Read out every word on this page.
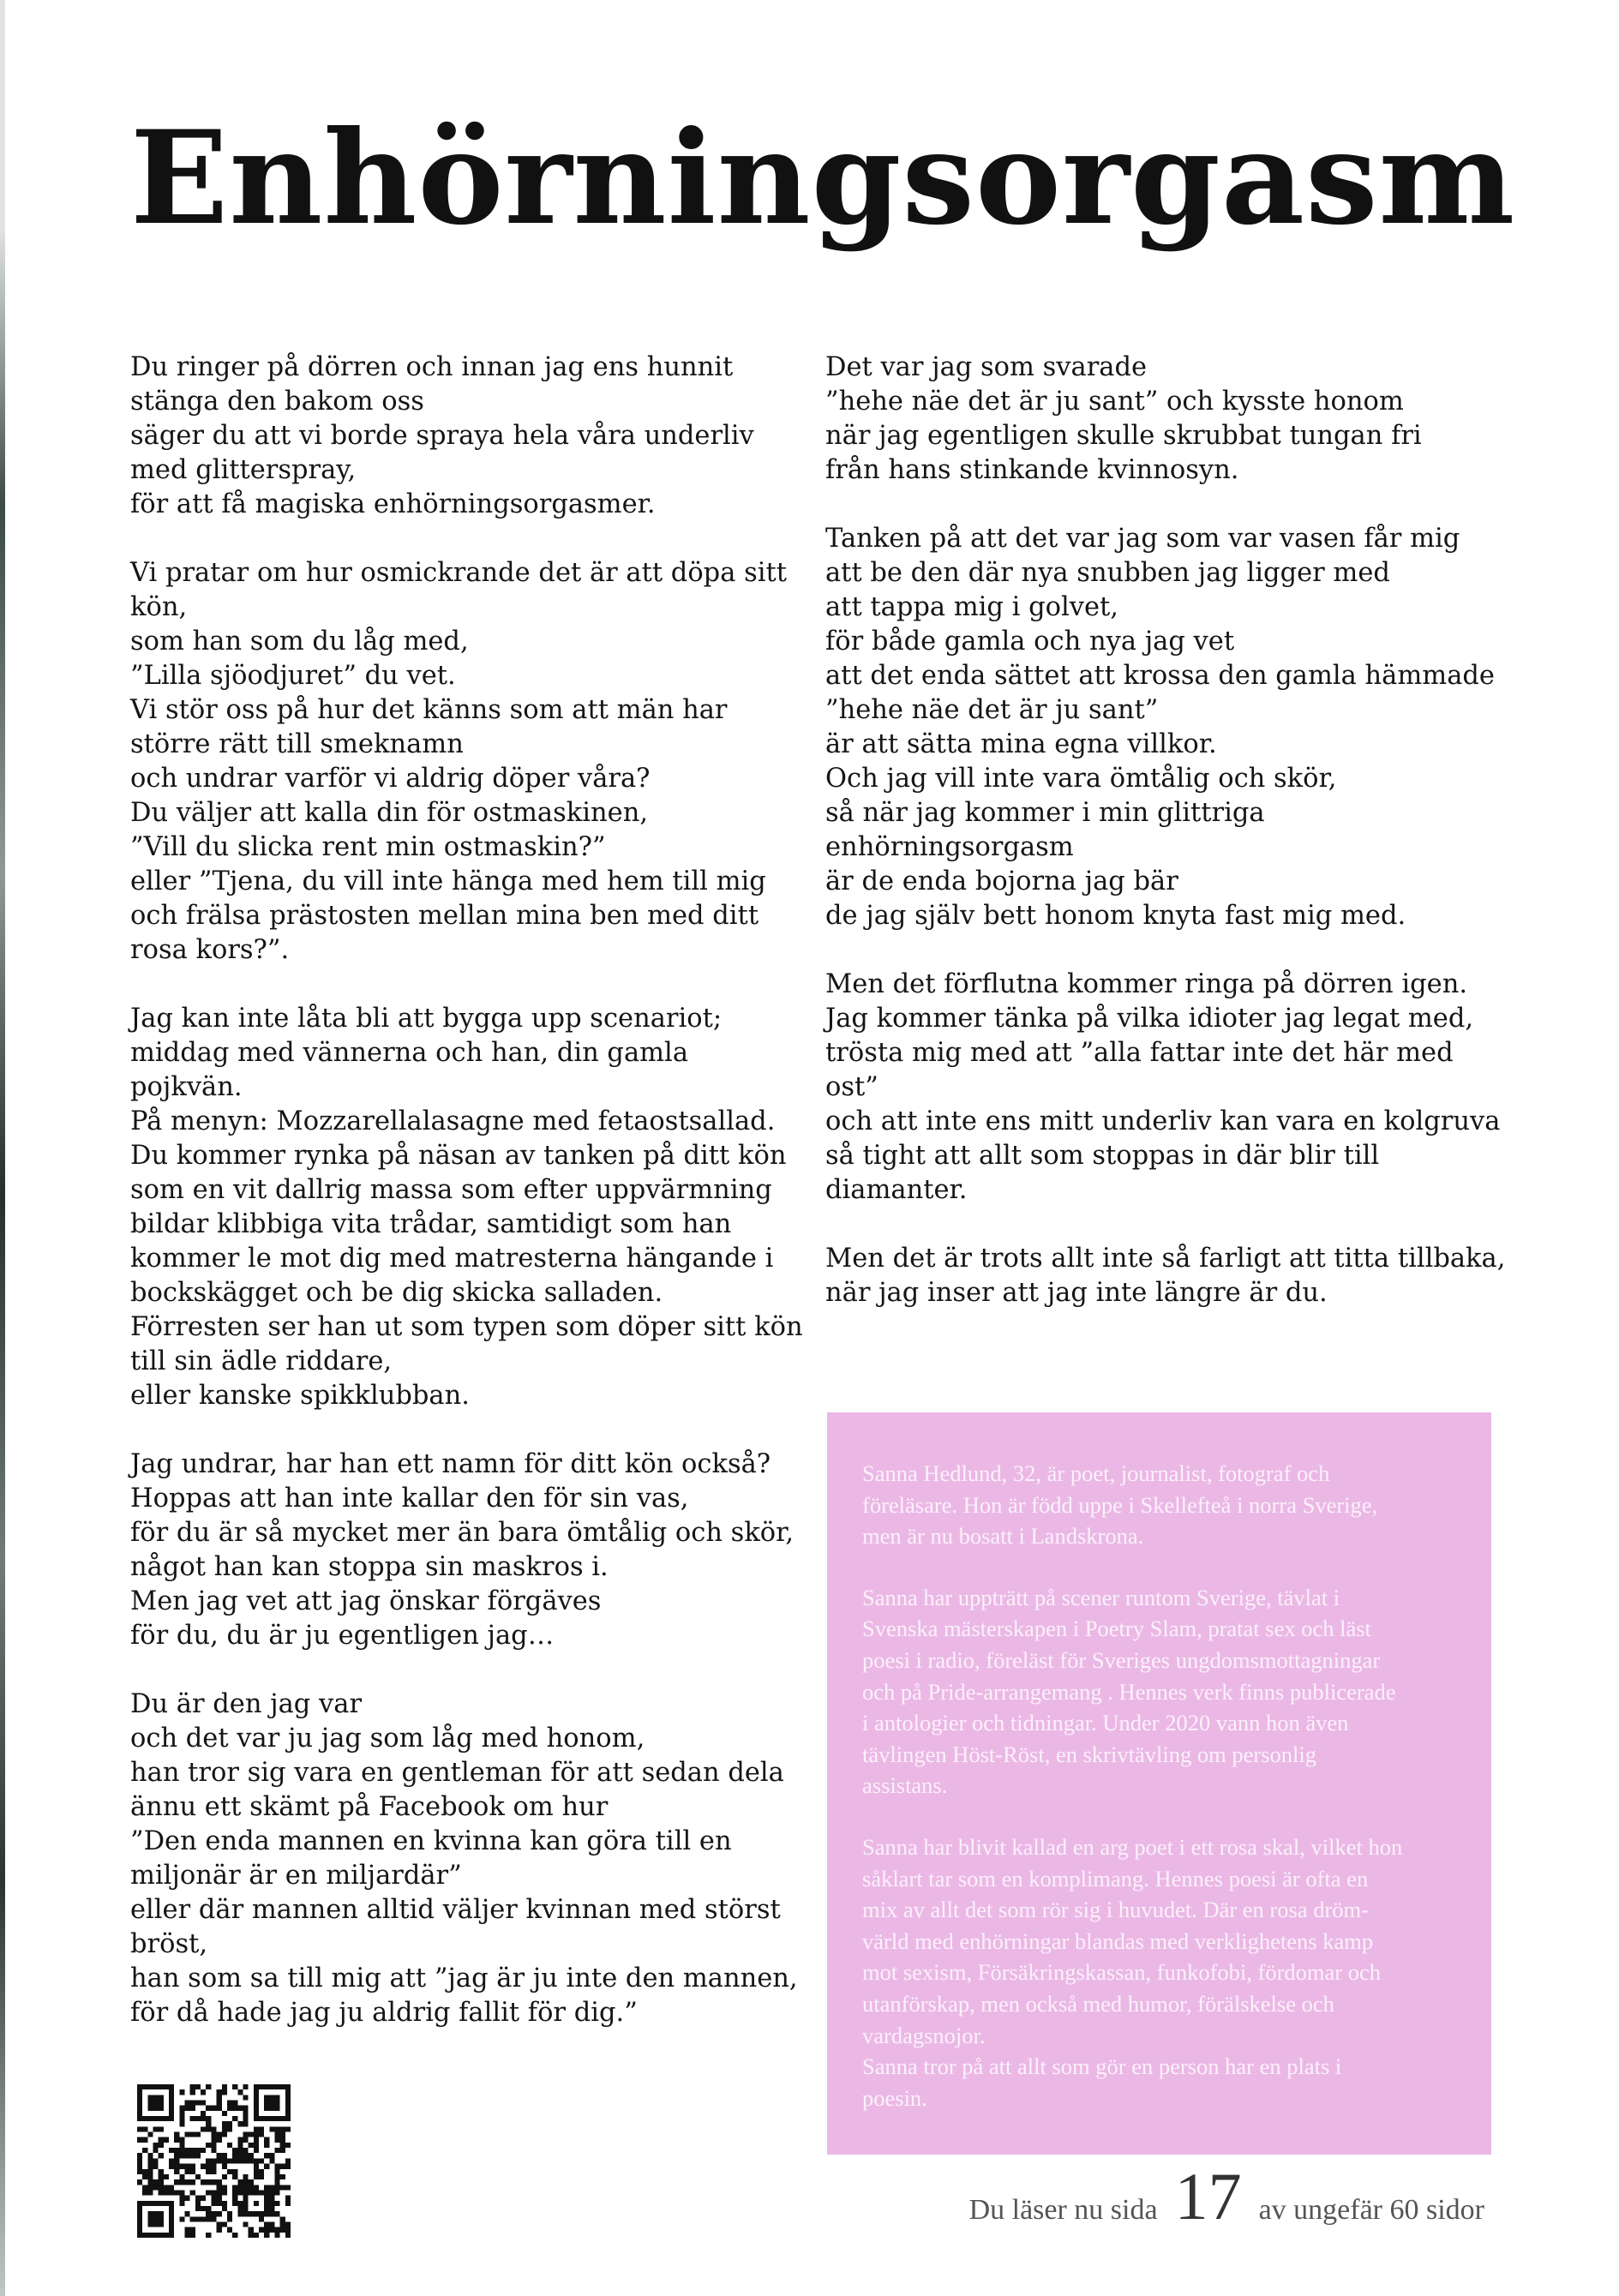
Enhörningsorgasm
Du ringer på dörren och innan jag ens hunnit
stänga den bakom oss
säger du att vi borde spraya hela våra underliv
med glitterspray,
för att få magiska enhörningsorgasmer.

Vi pratar om hur osmickrande det är att döpa sitt
kön,
som han som du låg med,
”Lilla sjöodjuret” du vet.
Vi stör oss på hur det känns som att män har
större rätt till smeknamn
och undrar varför vi aldrig döper våra?
Du väljer att kalla din för ostmaskinen,
”Vill du slicka rent min ostmaskin?”
eller ”Tjena, du vill inte hänga med hem till mig
och frälsa prästosten mellan mina ben med ditt
rosa kors?”.

Jag kan inte låta bli att bygga upp scenariot;
middag med vännerna och han, din gamla
pojkvän.
På menyn: Mozzarellalasagne med fetaostsallad.
Du kommer rynka på näsan av tanken på ditt kön
som en vit dallrig massa som efter uppvärmning
bildar klibbiga vita trådar, samtidigt som han
kommer le mot dig med matresterna hängande i
bockskägget och be dig skicka salladen.
Förresten ser han ut som typen som döper sitt kön
till sin ädle riddare,
eller kanske spikklubban.

Jag undrar, har han ett namn för ditt kön också?
Hoppas att han inte kallar den för sin vas,
för du är så mycket mer än bara ömtålig och skör,
något han kan stoppa sin maskros i.
Men jag vet att jag önskar förgäves
för du, du är ju egentligen jag…

Du är den jag var
och det var ju jag som låg med honom,
han tror sig vara en gentleman för att sedan dela
ännu ett skämt på Facebook om hur
”Den enda mannen en kvinna kan göra till en
miljonär är en miljardär”
eller där mannen alltid väljer kvinnan med störst
bröst,
han som sa till mig att ”jag är ju inte den mannen,
för då hade jag ju aldrig fallit för dig.”
Det var jag som svarade
”hehe näe det är ju sant” och kysste honom
när jag egentligen skulle skrubbat tungan fri
från hans stinkande kvinnosyn.

Tanken på att det var jag som var vasen får mig
att be den där nya snubben jag ligger med
att tappa mig i golvet,
för både gamla och nya jag vet
att det enda sättet att krossa den gamla hämmade
”hehe näe det är ju sant”
är att sätta mina egna villkor.
Och jag vill inte vara ömtålig och skör,
så när jag kommer i min glittriga
enhörningsorgasm
är de enda bojorna jag bär
de jag själv bett honom knyta fast mig med.

Men det förflutna kommer ringa på dörren igen.
Jag kommer tänka på vilka idioter jag legat med,
trösta mig med att ”alla fattar inte det här med
ost”
och att inte ens mitt underliv kan vara en kolgruva
så tight att allt som stoppas in där blir till
diamanter.

Men det är trots allt inte så farligt att titta tillbaka,
när jag inser att jag inte längre är du.

Sanna Hedlund, 32, är poet, journalist, fotograf och
föreläsare. Hon är född uppe i Skellefteå i norra Sverige,
men är nu bosatt i Landskrona.

Sanna har uppträtt på scener runtom Sverige, tävlat i
Svenska mästerskapen i Poetry Slam, pratat sex och läst
poesi i radio, föreläst för Sveriges ungdomsmottagningar
och på Pride-arrangemang . Hennes verk finns publicerade
i antologier och tidningar. Under 2020 vann hon även
tävlingen Höst-Röst, en skrivtävling om personlig
assistans.

Sanna har blivit kallad en arg poet i ett rosa skal, vilket hon
såklart tar som en komplimang. Hennes poesi är ofta en
mix av allt det som rör sig i huvudet. Där en rosa dröm-
värld med enhörningar blandas med verklighetens kamp
mot sexism, Försäkringskassan, funkofobi, fördomar och
utanförskap, men också med humor, förälskelse och
vardagsnojor.
Sanna tror på att allt som gör en person har en plats i
poesin.

Du läser nu sida 17 av ungefär 60 sidor
